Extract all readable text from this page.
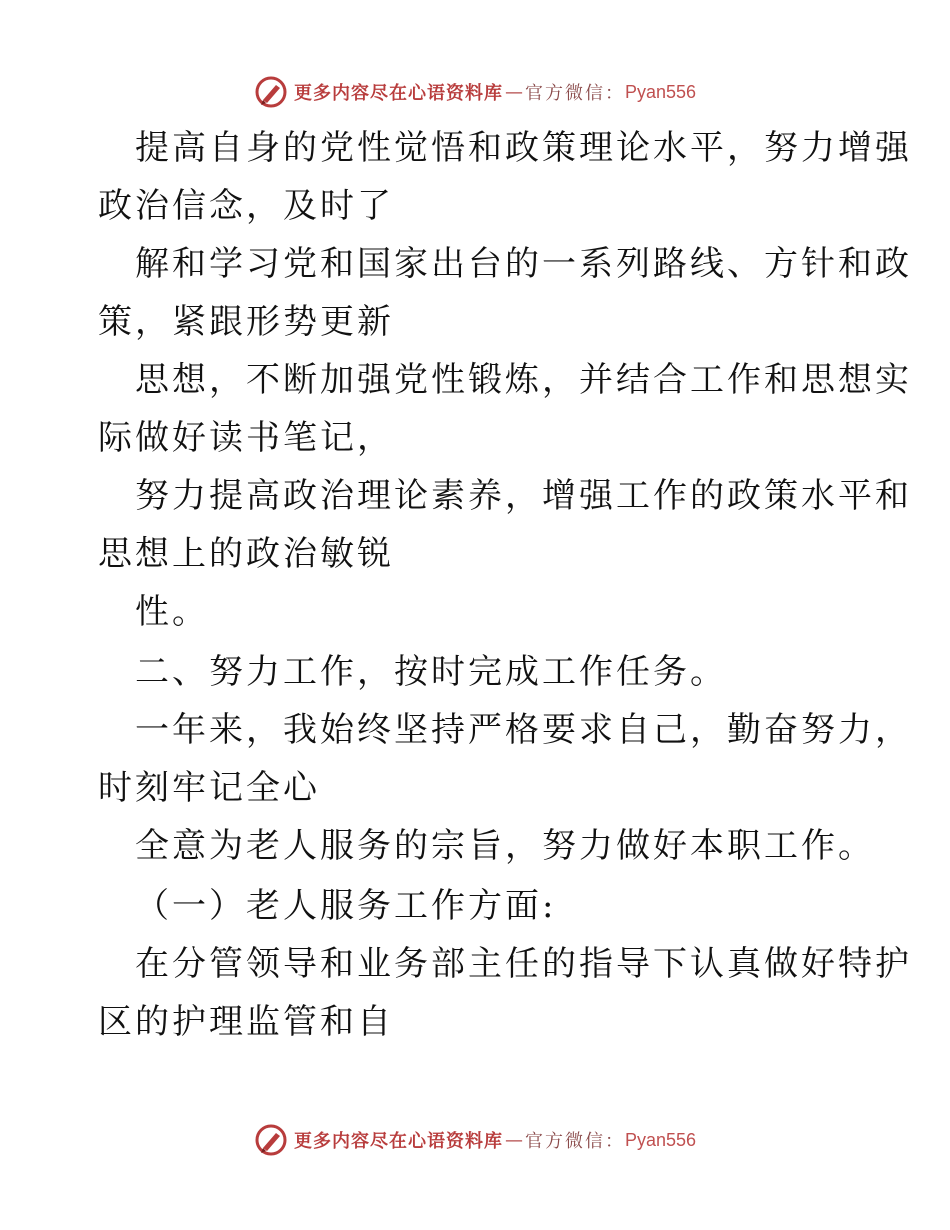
更多内容尽在心语资料库 — 官方微信： Pyan556
提高自身的党性觉悟和政策理论水平，努力增强
政治信念，及时了
解和学习党和国家出台的一系列路线、方针和政
策，紧跟形势更新
思想，不断加强党性锻炼，并结合工作和思想实
际做好读书笔记，
努力提高政治理论素养，增强工作的政策水平和
思想上的政治敏锐
性。
二、努力工作，按时完成工作任务。
一年来，我始终坚持严格要求自己，勤奋努力，
时刻牢记全心
全意为老人服务的宗旨，努力做好本职工作。
（一）老人服务工作方面:
在分管领导和业务部主任的指导下认真做好特护
区的护理监管和自
更多内容尽在心语资料库 — 官方微信： Pyan556
